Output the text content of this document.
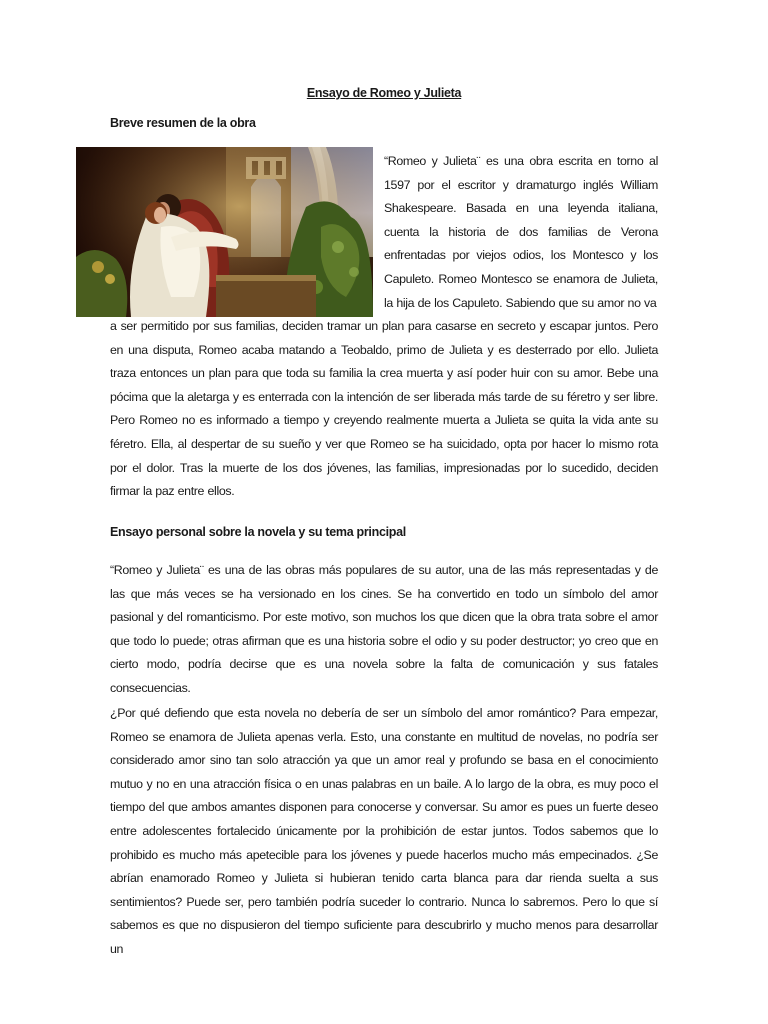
Ensayo de Romeo y Julieta
Breve resumen de la obra
“Romeo y Julieta¨ es una obra escrita en torno al 1597 por el escritor y dramaturgo inglés William Shakespeare. Basada en una leyenda italiana, cuenta la historia de dos familias de Verona enfrentadas por viejos odios, los Montesco y los Capuleto. Romeo Montesco se enamora de Julieta, la hija de los Capuleto. Sabiendo que su amor no va
a ser permitido por sus familias, deciden tramar un plan para casarse en secreto y escapar juntos. Pero en una disputa, Romeo acaba matando a Teobaldo, primo de Julieta y es desterrado por ello. Julieta traza entonces un plan para que toda su familia la crea muerta y así poder huir con su amor. Bebe una pócima que la aletarga y es enterrada con la intención de ser liberada más tarde de su féretro y ser libre. Pero Romeo no es informado a tiempo y creyendo realmente muerta a Julieta se quita la vida ante su féretro. Ella, al despertar de su sueño y ver que Romeo se ha suicidado, opta por hacer lo mismo rota por el dolor. Tras la muerte de los dos jóvenes, las familias, impresionadas por lo sucedido, deciden firmar la paz entre ellos.
Ensayo personal sobre la novela y su tema principal
“Romeo y Julieta¨ es una de las obras más populares de su autor, una de las más representadas y de las que más veces se ha versionado en los cines. Se ha convertido en todo un símbolo del amor pasional y del romanticismo. Por este motivo, son muchos los que dicen que la obra trata sobre el amor que todo lo puede; otras afirman que es una historia sobre el odio y su poder destructor; yo creo que en cierto modo, podría decirse que es una novela sobre la falta de comunicación y sus fatales consecuencias.
¿Por qué defiendo que esta novela no debería de ser un símbolo del amor romántico? Para empezar, Romeo se enamora de Julieta apenas verla. Esto, una constante en multitud de novelas, no podría ser considerado amor sino tan solo atracción ya que un amor real y profundo se basa en el conocimiento mutuo y no en una atracción física o en unas palabras en un baile. A lo largo de la obra, es muy poco el tiempo del que ambos amantes disponen para conocerse y conversar. Su amor es pues un fuerte deseo entre adolescentes fortalecido únicamente por la prohibición de estar juntos. Todos sabemos que lo prohibido es mucho más apetecible para los jóvenes y puede hacerlos mucho más empecinados. ¿Se abrían enamorado Romeo y Julieta si hubieran tenido carta blanca para dar rienda suelta a sus sentimientos? Puede ser, pero también podría suceder lo contrario. Nunca lo sabremos. Pero lo que sí sabemos es que no dispusieron del tiempo suficiente para descubrirlo y mucho menos para desarrollar un
